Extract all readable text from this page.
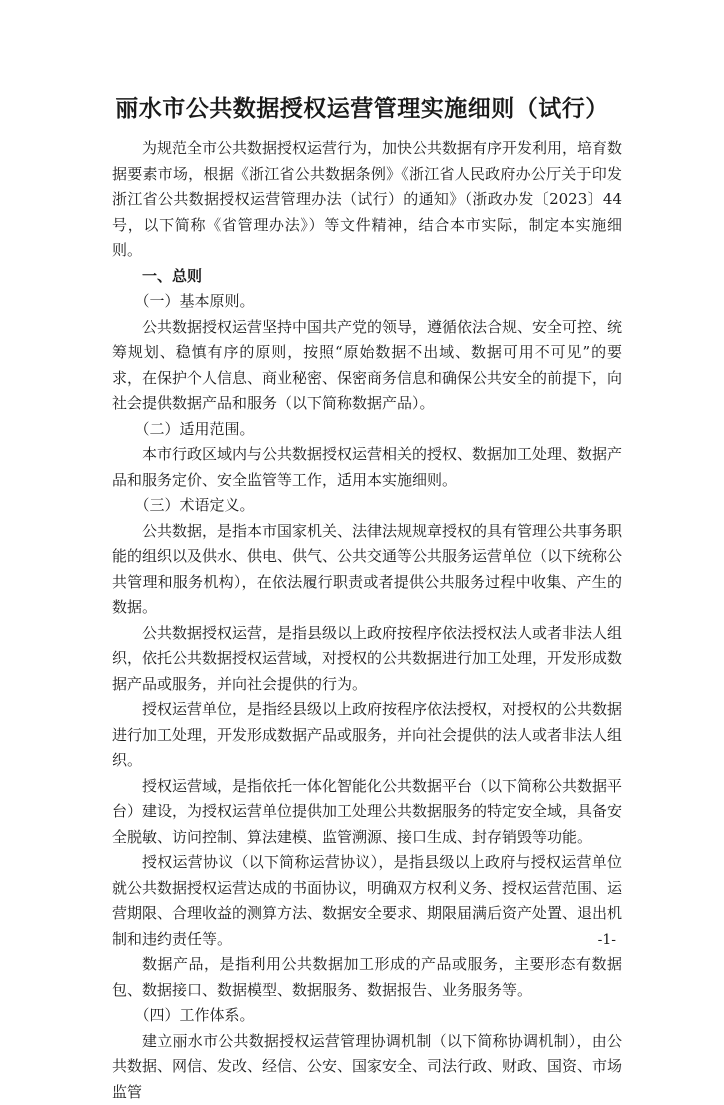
丽水市公共数据授权运营管理实施细则（试行）

为规范全市公共数据授权运营行为，加快公共数据有序开发利用，培育数据要素市场，根据《浙江省公共数据条例》《浙江省人民政府办公厅关于印发浙江省公共数据授权运营管理办法（试行）的通知》（浙政办发〔2023〕44号，以下简称《省管理办法》）等文件精神，结合本市实际，制定本实施细则。

一、总则

（一）基本原则。

公共数据授权运营坚持中国共产党的领导，遵循依法合规、安全可控、统筹规划、稳慎有序的原则，按照“原始数据不出域、数据可用不可见”的要求，在保护个人信息、商业秘密、保密商务信息和确保公共安全的前提下，向社会提供数据产品和服务（以下简称数据产品）。

（二）适用范围。

本市行政区域内与公共数据授权运营相关的授权、数据加工处理、数据产品和服务定价、安全监管等工作，适用本实施细则。

（三）术语定义。

公共数据，是指本市国家机关、法律法规规章授权的具有管理公共事务职能的组织以及供水、供电、供气、公共交通等公共服务运营单位（以下统称公共管理和服务机构），在依法履行职责或者提供公共服务过程中收集、产生的数据。

公共数据授权运营，是指县级以上政府按程序依法授权法人或者非法人组织，依托公共数据授权运营域，对授权的公共数据进行加工处理，开发形成数据产品或服务，并向社会提供的行为。

授权运营单位，是指经县级以上政府按程序依法授权，对授权的公共数据进行加工处理，开发形成数据产品或服务，并向社会提供的法人或者非法人组织。

授权运营域，是指依托一体化智能化公共数据平台（以下简称公共数据平台）建设，为授权运营单位提供加工处理公共数据服务的特定安全域，具备安全脱敏、访问控制、算法建模、监管溯源、接口生成、封存销毁等功能。

授权运营协议（以下简称运营协议），是指县级以上政府与授权运营单位就公共数据授权运营达成的书面协议，明确双方权利义务、授权运营范围、运营期限、合理收益的测算方法、数据安全要求、期限届满后资产处置、退出机制和违约责任等。

数据产品，是指利用公共数据加工形成的产品或服务，主要形态有数据包、数据接口、数据模型、数据服务、数据报告、业务服务等。

（四）工作体系。

建立丽水市公共数据授权运营管理协调机制（以下简称协调机制），由公共数据、网信、发改、经信、公安、国家安全、司法行政、财政、国资、市场监管

-1-
